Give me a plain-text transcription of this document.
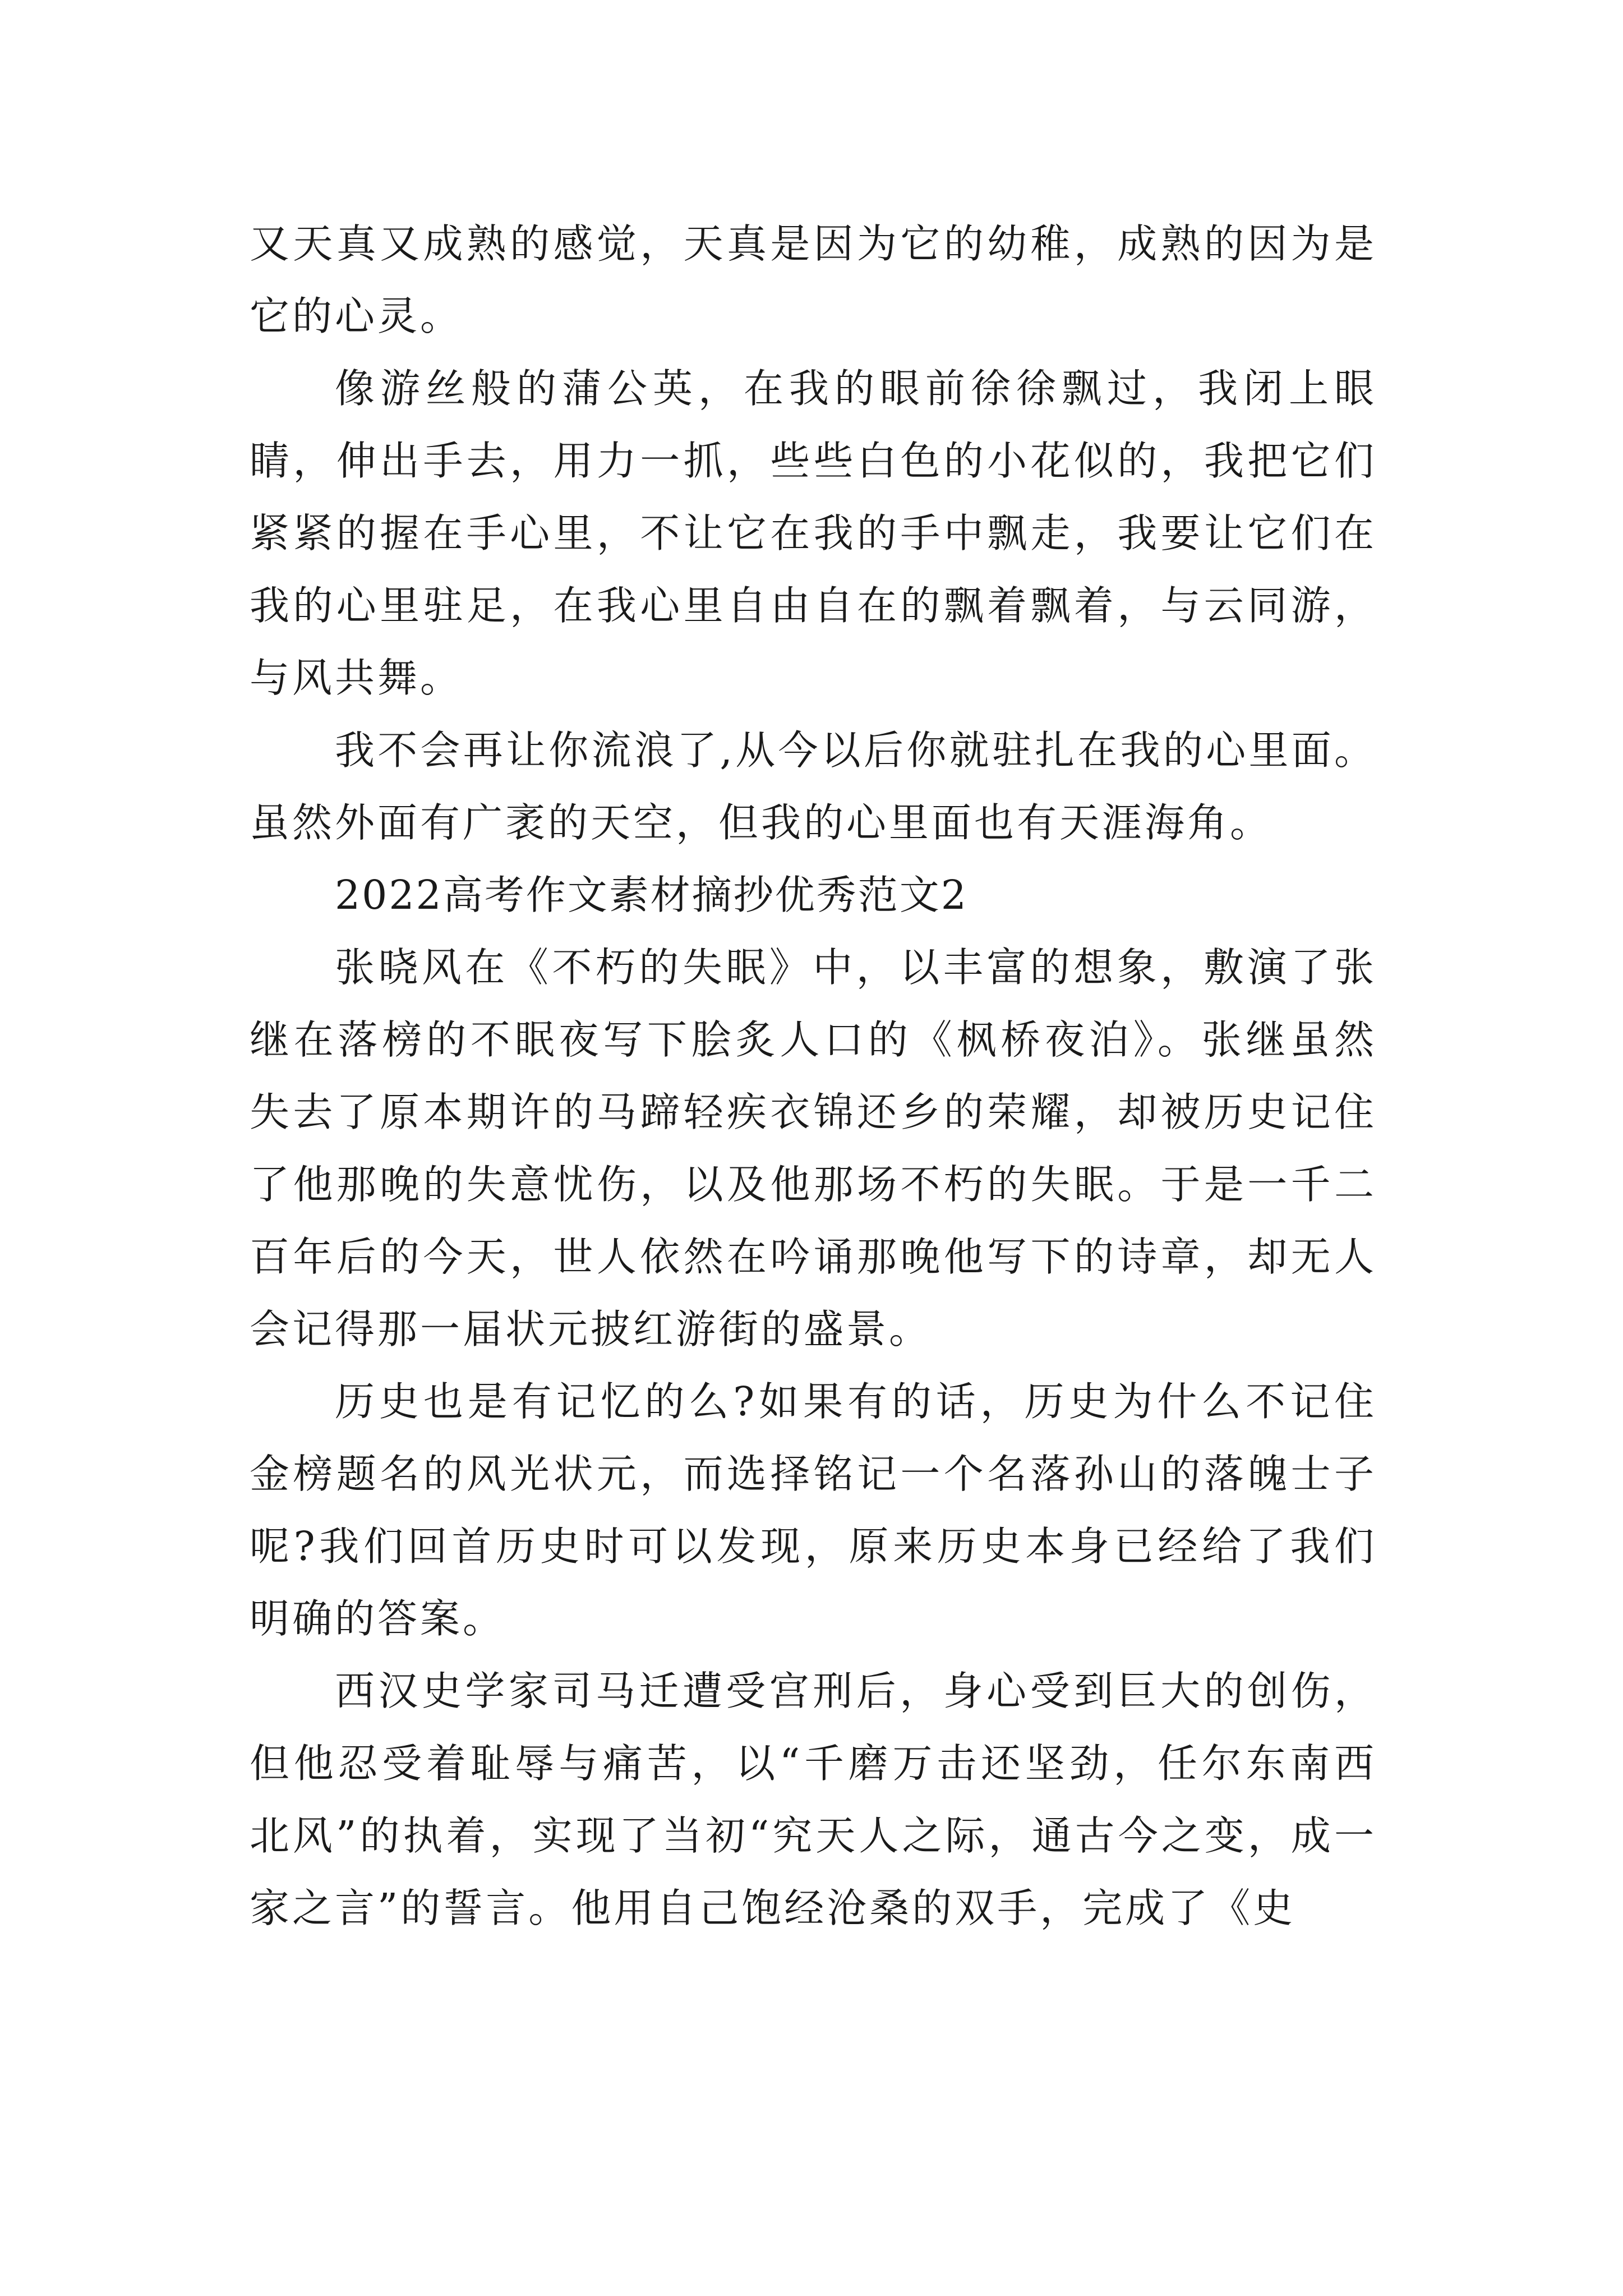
又天真又成熟的感觉，天真是因为它的幼稚，成熟的因为是它的心灵。

像游丝般的蒲公英，在我的眼前徐徐飘过，我闭上眼睛，伸出手去，用力一抓，些些白色的小花似的，我把它们紧紧的握在手心里，不让它在我的手中飘走，我要让它们在我的心里驻足，在我心里自由自在的飘着飘着，与云同游，与风共舞。

我不会再让你流浪了,从今以后你就驻扎在我的心里面。虽然外面有广袤的天空，但我的心里面也有天涯海角。

2022高考作文素材摘抄优秀范文2

张晓风在《不朽的失眠》中，以丰富的想象，敷演了张继在落榜的不眠夜写下脍炙人口的《枫桥夜泊》。张继虽然失去了原本期许的马蹄轻疾衣锦还乡的荣耀，却被历史记住了他那晚的失意忧伤，以及他那场不朽的失眠。于是一千二百年后的今天，世人依然在吟诵那晚他写下的诗章，却无人会记得那一届状元披红游街的盛景。

历史也是有记忆的么?如果有的话，历史为什么不记住金榜题名的风光状元，而选择铭记一个名落孙山的落魄士子呢?我们回首历史时可以发现，原来历史本身已经给了我们明确的答案。

西汉史学家司马迁遭受宫刑后，身心受到巨大的创伤，但他忍受着耻辱与痛苦，以“千磨万击还坚劲，任尔东南西北风”的执着，实现了当初“究天人之际，通古今之变，成一家之言”的誓言。他用自己饱经沧桑的双手，完成了《史
